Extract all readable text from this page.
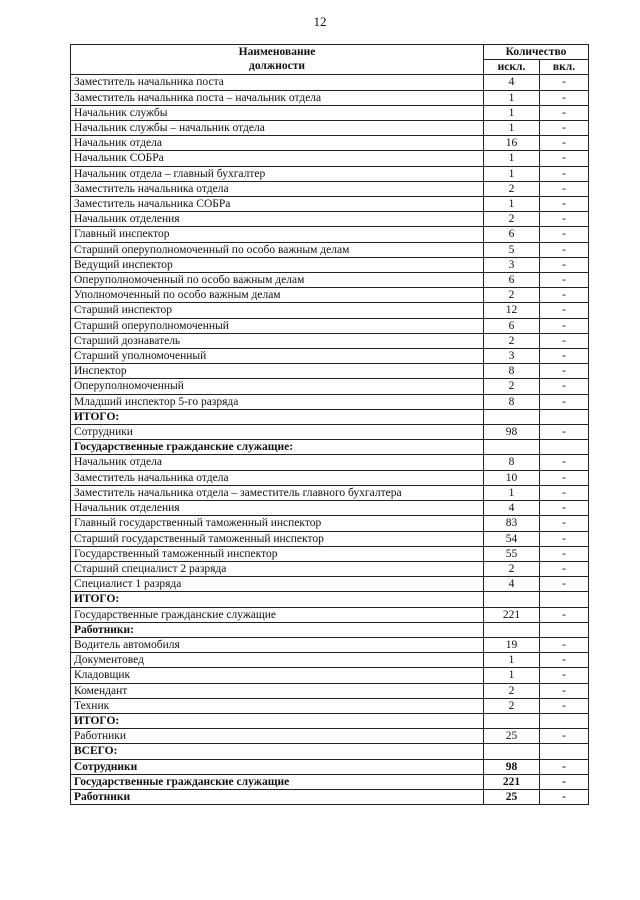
12
Наименование
должности	Количество	
	искл.	вкл.
Заместитель начальника поста	4	-
Заместитель начальника поста – начальник отдела	1	-
Начальник службы	1	-
Начальник службы – начальник отдела	1	-
Начальник отдела	16	-
Начальник СОБРа	1	-
Начальник отдела – главный бухгалтер	1	-
Заместитель начальника отдела	2	-
Заместитель начальника СОБРа	1	-
Начальник отделения	2	-
Главный инспектор	6	-
Старший оперуполномоченный по особо важным делам	5	-
Ведущий инспектор	3	-
Оперуполномоченный по особо важным делам	6	-
Уполномоченный по особо важным делам	2	-
Старший инспектор	12	-
Старший оперуполномоченный	6	-
Старший дознаватель	2	-
Старший уполномоченный	3	-
Инспектор	8	-
Оперуполномоченный	2	-
Младший инспектор 5-го разряда	8	-
ИТОГО:		
Сотрудники	98	-
Государственные гражданские служащие:		
Начальник отдела	8	-
Заместитель начальника отдела	10	-
Заместитель начальника отдела – заместитель главного бухгалтера	1	-
Начальник отделения	4	-
Главный государственный таможенный инспектор	83	-
Старший государственный таможенный инспектор	54	-
Государственный таможенный инспектор	55	-
Старший специалист 2 разряда	2	-
Специалист 1 разряда	4	-
ИТОГО:		
Государственные гражданские служащие	221	-
Работники:		
Водитель автомобиля	19	-
Документовед	1	-
Кладовщик	1	-
Комендант	2	-
Техник	2	-
ИТОГО:		
Работники	25	-
ВСЕГО:		
Сотрудники	98	-
Государственные гражданские служащие	221	-
Работники	25	-
